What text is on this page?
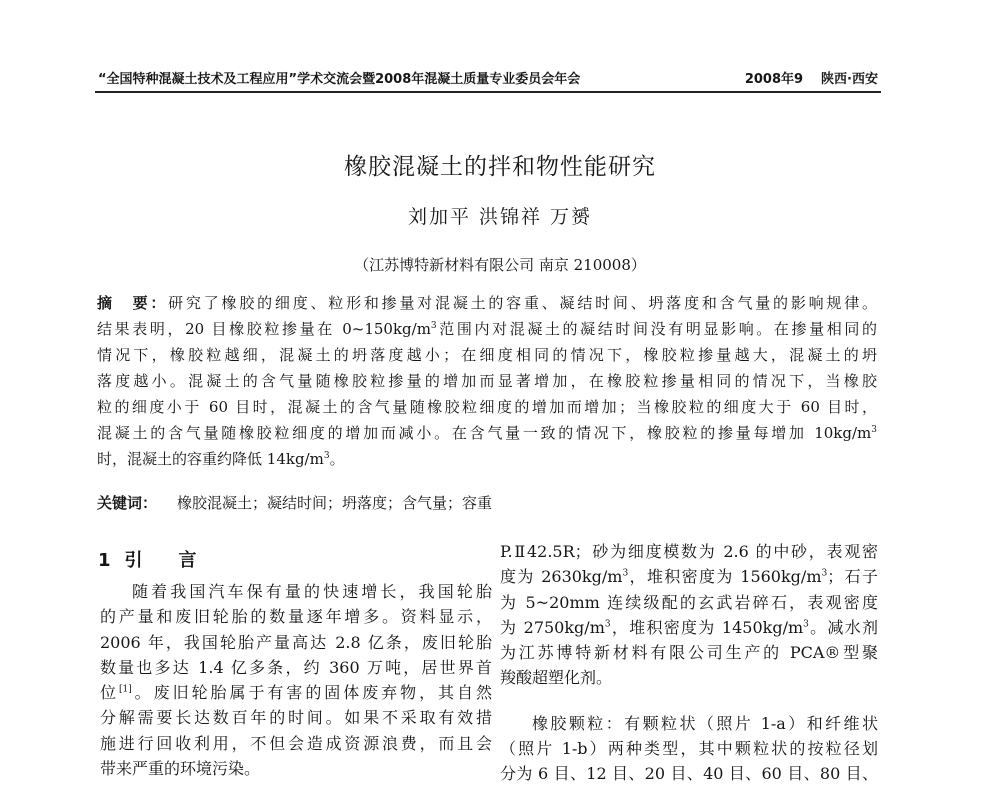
“全国特种混凝土技术及工程应用”学术交流会暨2008年混凝土质量专业委员会年会	2008年9 陕西·西安
橡胶混凝土的拌和物性能研究
刘加平 洪锦祥 万赟
（江苏博特新材料有限公司 南京 210008）
摘　要：研究了橡胶的细度、粒形和掺量对混凝土的容重、凝结时间、坍落度和含气量的影响规律。
结果表明，20 目橡胶粒掺量在 $0\sim 150kg/m^3$范围内对混凝土的凝结时间没有明显影响。在掺量相同的
情况下，橡胶粒越细，混凝土的坍落度越小；在细度相同的情况下，橡胶粒掺量越大，混凝土的坍
落度越小。混凝土的含气量随橡胶粒掺量的增加而显著增加，在橡胶粒掺量相同的情况下，当橡胶
粒的细度小于 60 目时，混凝土的含气量随橡胶粒细度的增加而增加；当橡胶粒的细度大于 60 目时，
混凝土的含气量随橡胶粒细度的增加而减小。在含气量一致的情况下，橡胶粒的掺量每增加 $10kg/m^3$
时，混凝土的容重约降低 $14kg/m^3$。
关键词： 橡胶混凝土；凝结时间；坍落度；含气量；容重
1 引言
随着我国汽车保有量的快速增长，我国轮胎
的产量和废旧轮胎的数量逐年增多。资料显示，
2006 年，我国轮胎产量高达 2.8 亿条，废旧轮胎
数量也多达 1.4 亿多条，约 360 万吨，居世界首
位[1]。废旧轮胎属于有害的固体废弃物，其自然
分解需要长达数百年的时间。如果不采取有效措
施进行回收利用，不但会造成资源浪费，而且会
带来严重的环境污染。
P.Ⅱ42.5R；砂为细度模数为 2.6 的中砂，表观密
度为 $2630kg/m^3$，堆积密度为 $1560kg/m^3$；石子
为 5~20mm 连续级配的玄武岩碎石，表观密度
为 $2750kg/m^3$，堆积密度为 $1450kg/m^3$。减水剂
为江苏博特新材料有限公司生产的 PCA®型聚
羧酸超塑化剂。
橡胶颗粒：有颗粒状（照片 1-a）和纤维状
（照片 1-b）两种类型，其中颗粒状的按粒径划
分为 6 目、12 目、20 目、40 目、60 目、80 目、
